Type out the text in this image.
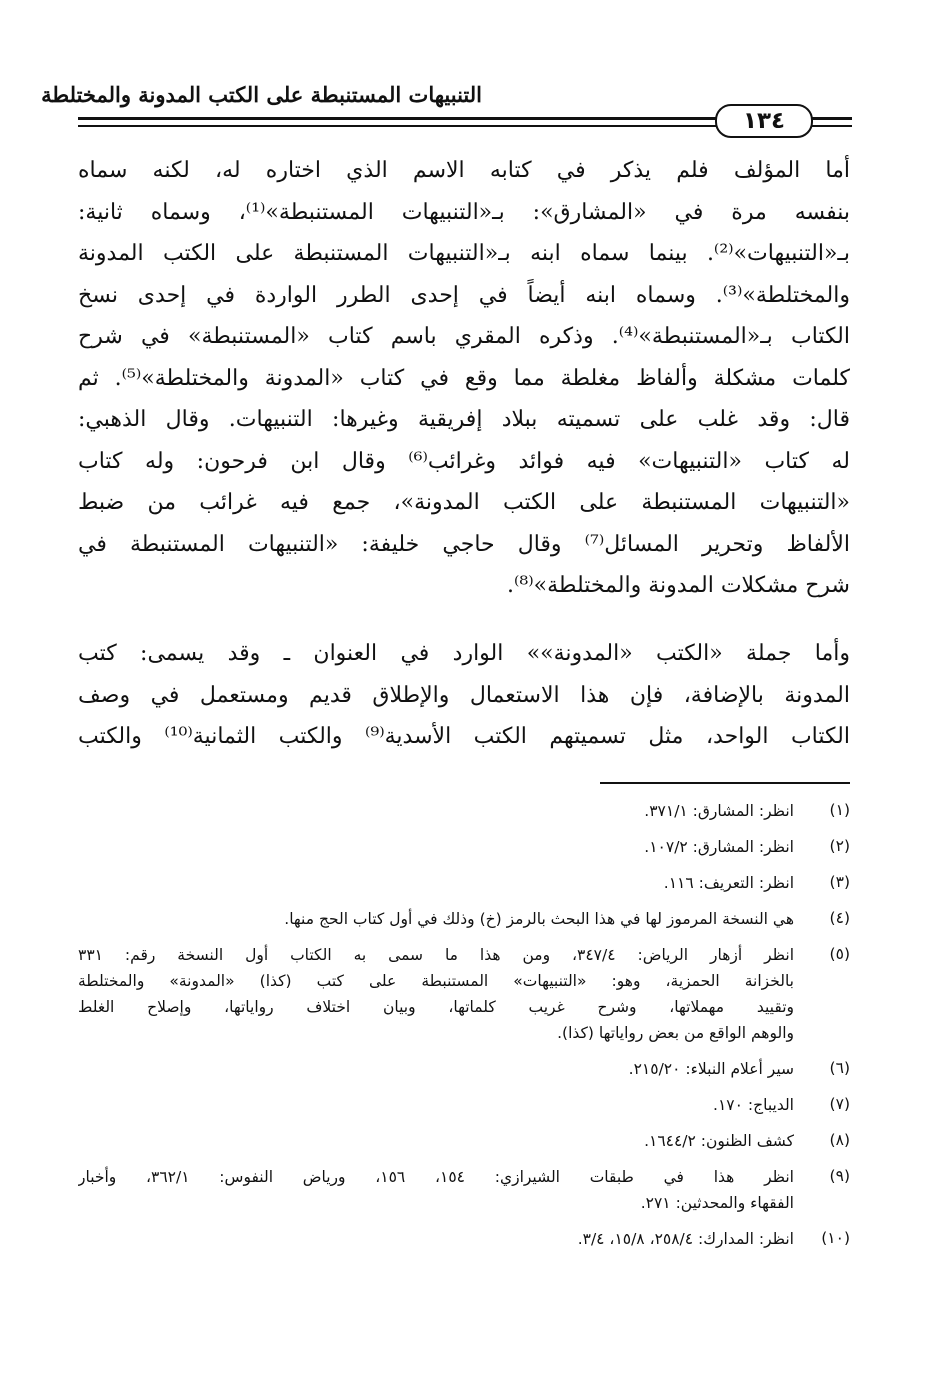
التنبيهات المستنبطة على الكتب المدونة والمختلطة
١٣٤
أما المؤلف فلم يذكر في كتابه الاسم الذي اختاره له، لكنه سماه
بنفسه مرة في «المشارق»: بـ«التنبيهات المستنبطة»⁽¹⁾، وسماه ثانية:
بـ«التنبيهات»⁽²⁾. بينما سماه ابنه بـ«التنبيهات المستنبطة على الكتب المدونة
والمختلطة»⁽³⁾. وسماه ابنه أيضاً في إحدى الطرر الواردة في إحدى نسخ
الكتاب بـ«المستنبطة»⁽⁴⁾. وذكره المقري باسم كتاب «المستنبطة» في شرح
كلمات مشكلة وألفاظ مغلطة مما وقع في كتاب «المدونة والمختلطة»⁽⁵⁾. ثم
قال: وقد غلب على تسميته ببلاد إفريقية وغيرها: التنبيهات. وقال الذهبي:
له كتاب «التنبيهات» فيه فوائد وغرائب⁽⁶⁾ وقال ابن فرحون: وله كتاب
«التنبيهات المستنبطة على الكتب المدونة»، جمع فيه غرائب من ضبط
الألفاظ وتحرير المسائل⁽⁷⁾ وقال حاجي خليفة: «التنبيهات المستنبطة في
شرح مشكلات المدونة والمختلطة»⁽⁸⁾.
وأما جملة «الكتب «المدونة»» الوارد في العنوان ـ وقد يسمى: كتب
المدونة بالإضافة، فإن هذا الاستعمال والإطلاق قديم ومستعمل في وصف
الكتاب الواحد، مثل تسميتهم الكتب الأسدية⁽⁹⁾ والكتب الثمانية⁽¹⁰⁾ والكتب
(١)
انظر: المشارق: ٣٧١/١.
(٢)
انظر: المشارق: ١٠٧/٢.
(٣)
انظر: التعريف: ١١٦.
(٤)
هي النسخة المرموز لها في هذا البحث بالرمز (خ) وذلك في أول كتاب الحج منها.
(٥)
انظر أزهار الرياض: ٣٤٧/٤، ومن هذا ما سمى به الكتاب أول النسخة رقم: ٣٣١
بالخزانة الحمزية، وهو: «التنبيهات» المستنبطة على كتب (كذا) «المدونة» والمختلطة
وتقييد مهملاتها، وشرح غريب كلماتها، وبيان اختلاف رواياتها، وإصلاح الغلط
والوهم الواقع من بعض رواياتها (كذا).
(٦)
سير أعلام النبلاء: ٢١٥/٢٠.
(٧)
الديباج: ١٧٠.
(٨)
كشف الظنون: ١٦٤٤/٢.
(٩)
انظر هذا في طبقات الشيرازي: ١٥٤، ١٥٦، ورياض النفوس: ٣٦٢/١، وأخبار
الفقهاء والمحدثين: ٢٧١.
(١٠)
انظر: المدارك: ٢٥٨/٤، ١٥/٨، ٣/٤.
